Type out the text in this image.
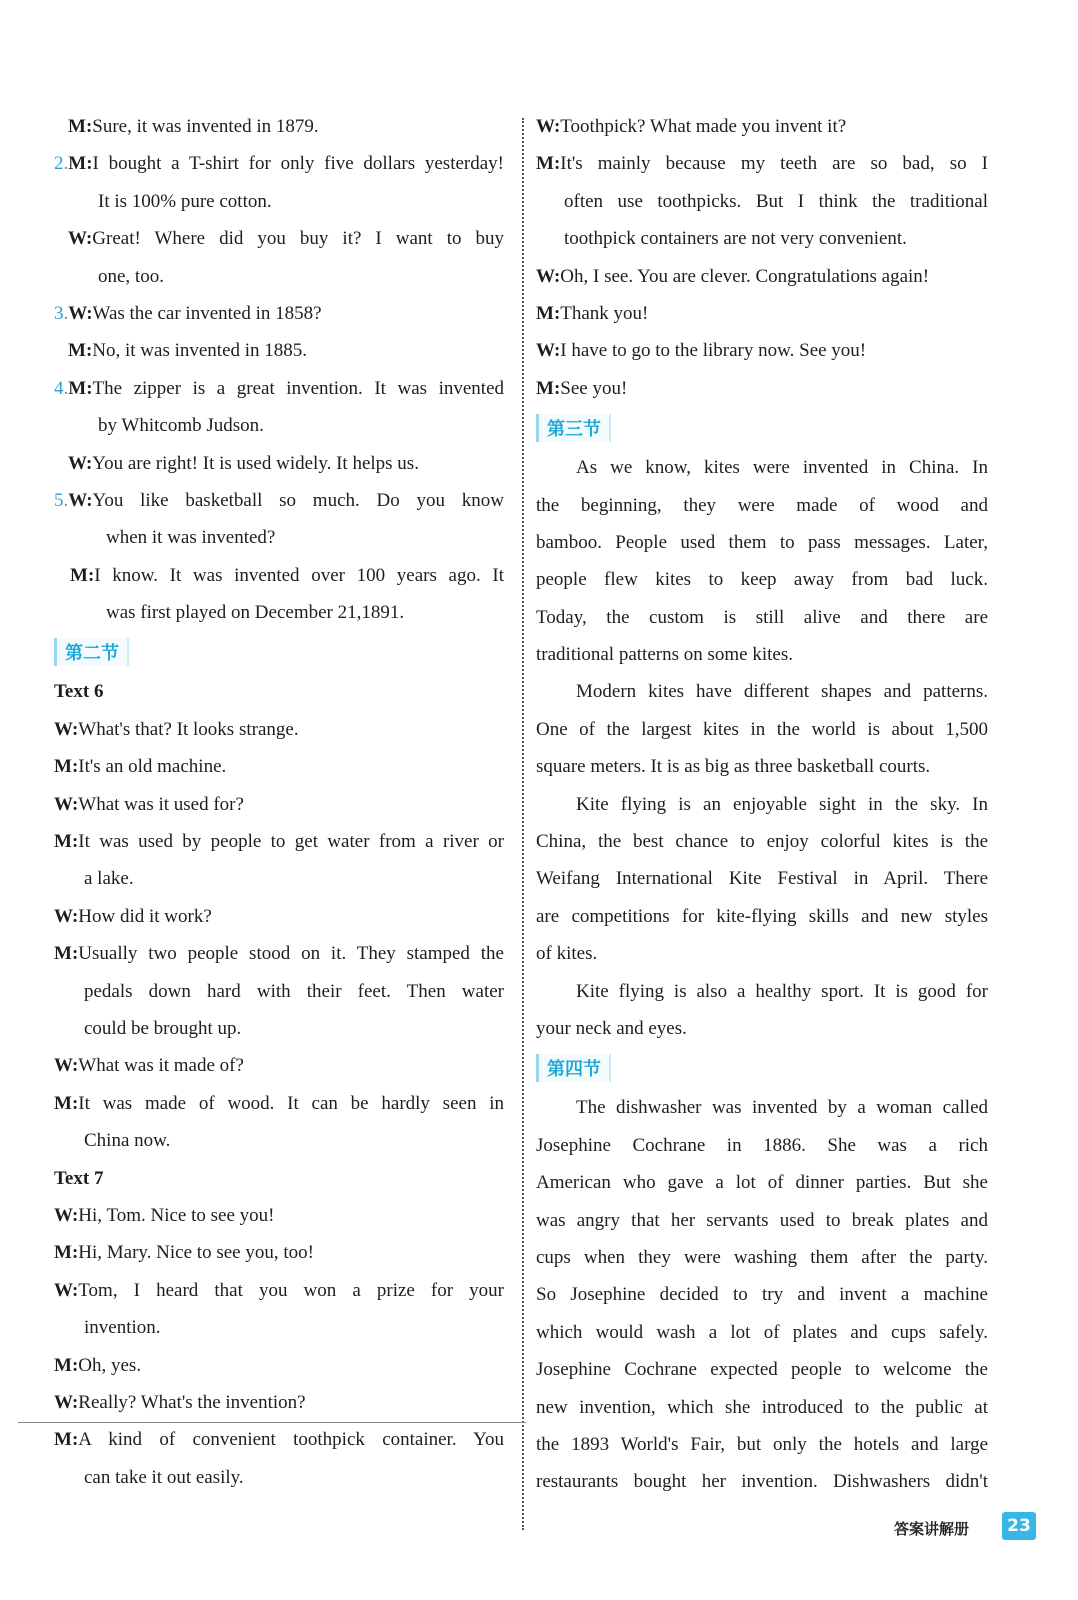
M:Sure, it was invented in 1879.
2.M:I bought a T-shirt for only five dollars yesterday!
It is 100% pure cotton.
W:Great! Where did you buy it? I want to buy
one, too.
3.W:Was the car invented in 1858?
M:No, it was invented in 1885.
4.M:The zipper is a great invention. It was invented
by Whitcomb Judson.
W:You are right! It is used widely. It helps us.
5.W:You like basketball so much. Do you know
when it was invented?
M:I know. It was invented over 100 years ago. It
was first played on December 21,1891.
第二节
Text 6
W:What's that? It looks strange.
M:It's an old machine.
W:What was it used for?
M:It was used by people to get water from a river or
a lake.
W:How did it work?
M:Usually two people stood on it. They stamped the
pedals down hard with their feet. Then water
could be brought up.
W:What was it made of?
M:It was made of wood. It can be hardly seen in
China now.
Text 7
W:Hi, Tom. Nice to see you!
M:Hi, Mary. Nice to see you, too!
W:Tom, I heard that you won a prize for your
invention.
M:Oh, yes.
W:Really? What's the invention?
M:A kind of convenient toothpick container. You
can take it out easily.
W:Toothpick? What made you invent it?
M:It's mainly because my teeth are so bad, so I
often use toothpicks. But I think the traditional
toothpick containers are not very convenient.
W:Oh, I see. You are clever. Congratulations again!
M:Thank you!
W:I have to go to the library now. See you!
M:See you!
第三节
As we know, kites were invented in China. In
the beginning, they were made of wood and
bamboo. People used them to pass messages. Later,
people flew kites to keep away from bad luck.
Today, the custom is still alive and there are
traditional patterns on some kites.
Modern kites have different shapes and patterns.
One of the largest kites in the world is about 1,500
square meters. It is as big as three basketball courts.
Kite flying is an enjoyable sight in the sky. In
China, the best chance to enjoy colorful kites is the
Weifang International Kite Festival in April. There
are competitions for kite-flying skills and new styles
of kites.
Kite flying is also a healthy sport. It is good for
your neck and eyes.
第四节
The dishwasher was invented by a woman called
Josephine Cochrane in 1886. She was a rich
American who gave a lot of dinner parties. But she
was angry that her servants used to break plates and
cups when they were washing them after the party.
So Josephine decided to try and invent a machine
which would wash a lot of plates and cups safely.
Josephine Cochrane expected people to welcome the
new invention, which she introduced to the public at
the 1893 World's Fair, but only the hotels and large
restaurants bought her invention. Dishwashers didn't
答案讲解册	23
